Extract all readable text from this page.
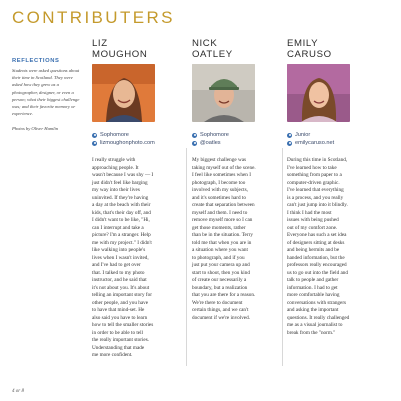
CONTRIBUTERS
REFLECTIONS
Students were asked questions about their time in Scotland. They were asked how they grew as a photographer, designer, or even a person; what their biggest challenge was; and their favorite memory or experience.
Photos by Oliver Hamlin
LIZ
MOUGHON
Sophomore
lizmoughonphoto.com
I really struggle with
approaching people. It
wasn't because I was shy — I
just didn't feel like barging
my way into their lives
uninvited. If they're having
a day at the beach with their
kids, that's their day off, and
I didn't want to be like, "Hi,
can I interrupt and take a
picture? I'm a stranger. Help
me with my project." I didn't
like walking into people's
lives when I wasn't invited,
and I've had to get over
that. I talked to my photo
instructor, and he said that
it's not about you. It's about
telling an important story for
other people, and you have
to have that mind-set. He
also said you have to learn
how to tell the smaller stories
in order to be able to tell
the really important stories.
Understanding that made
me more confident.
NICK
OATLEY
Sophomore
@oatles
My biggest challenge was
taking myself out of the scene.
I feel like sometimes when I
photograph, I become too
involved with my subjects,
and it's sometimes hard to
create that separation between
myself and them. I need to
remove myself more so I can
get those moments, rather
than be in the situation. Terry
told me that when you are in
a situation where you want
to photograph, and if you
just put your camera up and
start to shoot, then you kind
of create our necessarily a
boundary, but a realization
that you are there for a reason.
We're there to document
certain things, and we can't
document if we're involved.
EMILY
CARUSO
Junior
emilycaruso.net
During this time in Scotland,
I've learned how to take
something from paper to a
computer-driven graphic.
I've learned that everything
is a process, and you really
can't just jump into it blindly.
I think I had the most
issues with being pushed
out of my comfort zone.
Everyone has such a set idea
of designers sitting at desks
and being hermits and be
handed information, but the
professors really encouraged
us to go out into the field and
talk to people and gather
information. I had to get
more comfortable having
conversations with strangers
and asking the important
questions. It really challenged
me as a visual journalist to
break from the "norm."
4 or 8
